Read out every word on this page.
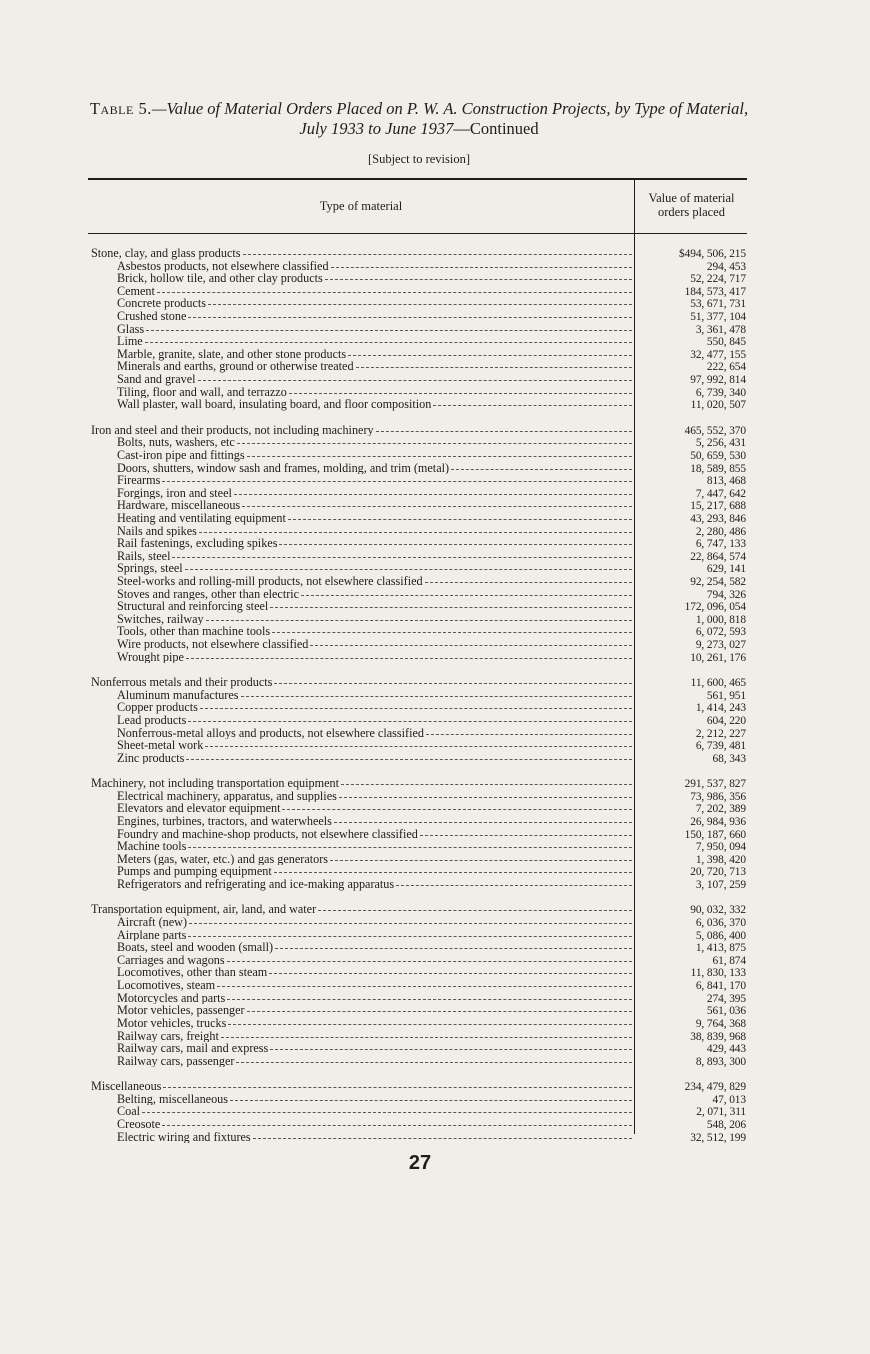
Table 5.—Value of Material Orders Placed on P. W. A. Construction Projects, by Type of Material, July 1933 to June 1937—Continued
[Subject to revision]
Type of material
Value of material orders placed
Stone, clay, and glass products	$494, 506, 215
Asbestos products, not elsewhere classified	294, 453
Brick, hollow tile, and other clay products	52, 224, 717
Cement	184, 573, 417
Concrete products	53, 671, 731
Crushed stone	51, 377, 104
Glass	3, 361, 478
Lime	550, 845
Marble, granite, slate, and other stone products	32, 477, 155
Minerals and earths, ground or otherwise treated	222, 654
Sand and gravel	97, 992, 814
Tiling, floor and wall, and terrazzo	6, 739, 340
Wall plaster, wall board, insulating board, and floor composition	11, 020, 507
Iron and steel and their products, not including machinery	465, 552, 370
Bolts, nuts, washers, etc	5, 256, 431
Cast-iron pipe and fittings	50, 659, 530
Doors, shutters, window sash and frames, molding, and trim (metal)	18, 589, 855
Firearms	813, 468
Forgings, iron and steel	7, 447, 642
Hardware, miscellaneous	15, 217, 688
Heating and ventilating equipment	43, 293, 846
Nails and spikes	2, 280, 486
Rail fastenings, excluding spikes	6, 747, 133
Rails, steel	22, 864, 574
Springs, steel	629, 141
Steel-works and rolling-mill products, not elsewhere classified	92, 254, 582
Stoves and ranges, other than electric	794, 326
Structural and reinforcing steel	172, 096, 054
Switches, railway	1, 000, 818
Tools, other than machine tools	6, 072, 593
Wire products, not elsewhere classified	9, 273, 027
Wrought pipe	10, 261, 176
Nonferrous metals and their products	11, 600, 465
Aluminum manufactures	561, 951
Copper products	1, 414, 243
Lead products	604, 220
Nonferrous-metal alloys and products, not elsewhere classified	2, 212, 227
Sheet-metal work	6, 739, 481
Zinc products	68, 343
Machinery, not including transportation equipment	291, 537, 827
Electrical machinery, apparatus, and supplies	73, 986, 356
Elevators and elevator equipment	7, 202, 389
Engines, turbines, tractors, and waterwheels	26, 984, 936
Foundry and machine-shop products, not elsewhere classified	150, 187, 660
Machine tools	7, 950, 094
Meters (gas, water, etc.) and gas generators	1, 398, 420
Pumps and pumping equipment	20, 720, 713
Refrigerators and refrigerating and ice-making apparatus	3, 107, 259
Transportation equipment, air, land, and water	90, 032, 332
Aircraft (new)	6, 036, 370
Airplane parts	5, 086, 400
Boats, steel and wooden (small)	1, 413, 875
Carriages and wagons	61, 874
Locomotives, other than steam	11, 830, 133
Locomotives, steam	6, 841, 170
Motorcycles and parts	274, 395
Motor vehicles, passenger	561, 036
Motor vehicles, trucks	9, 764, 368
Railway cars, freight	38, 839, 968
Railway cars, mail and express	429, 443
Railway cars, passenger	8, 893, 300
Miscellaneous	234, 479, 829
Belting, miscellaneous	47, 013
Coal	2, 071, 311
Creosote	548, 206
Electric wiring and fixtures	32, 512, 199
27
